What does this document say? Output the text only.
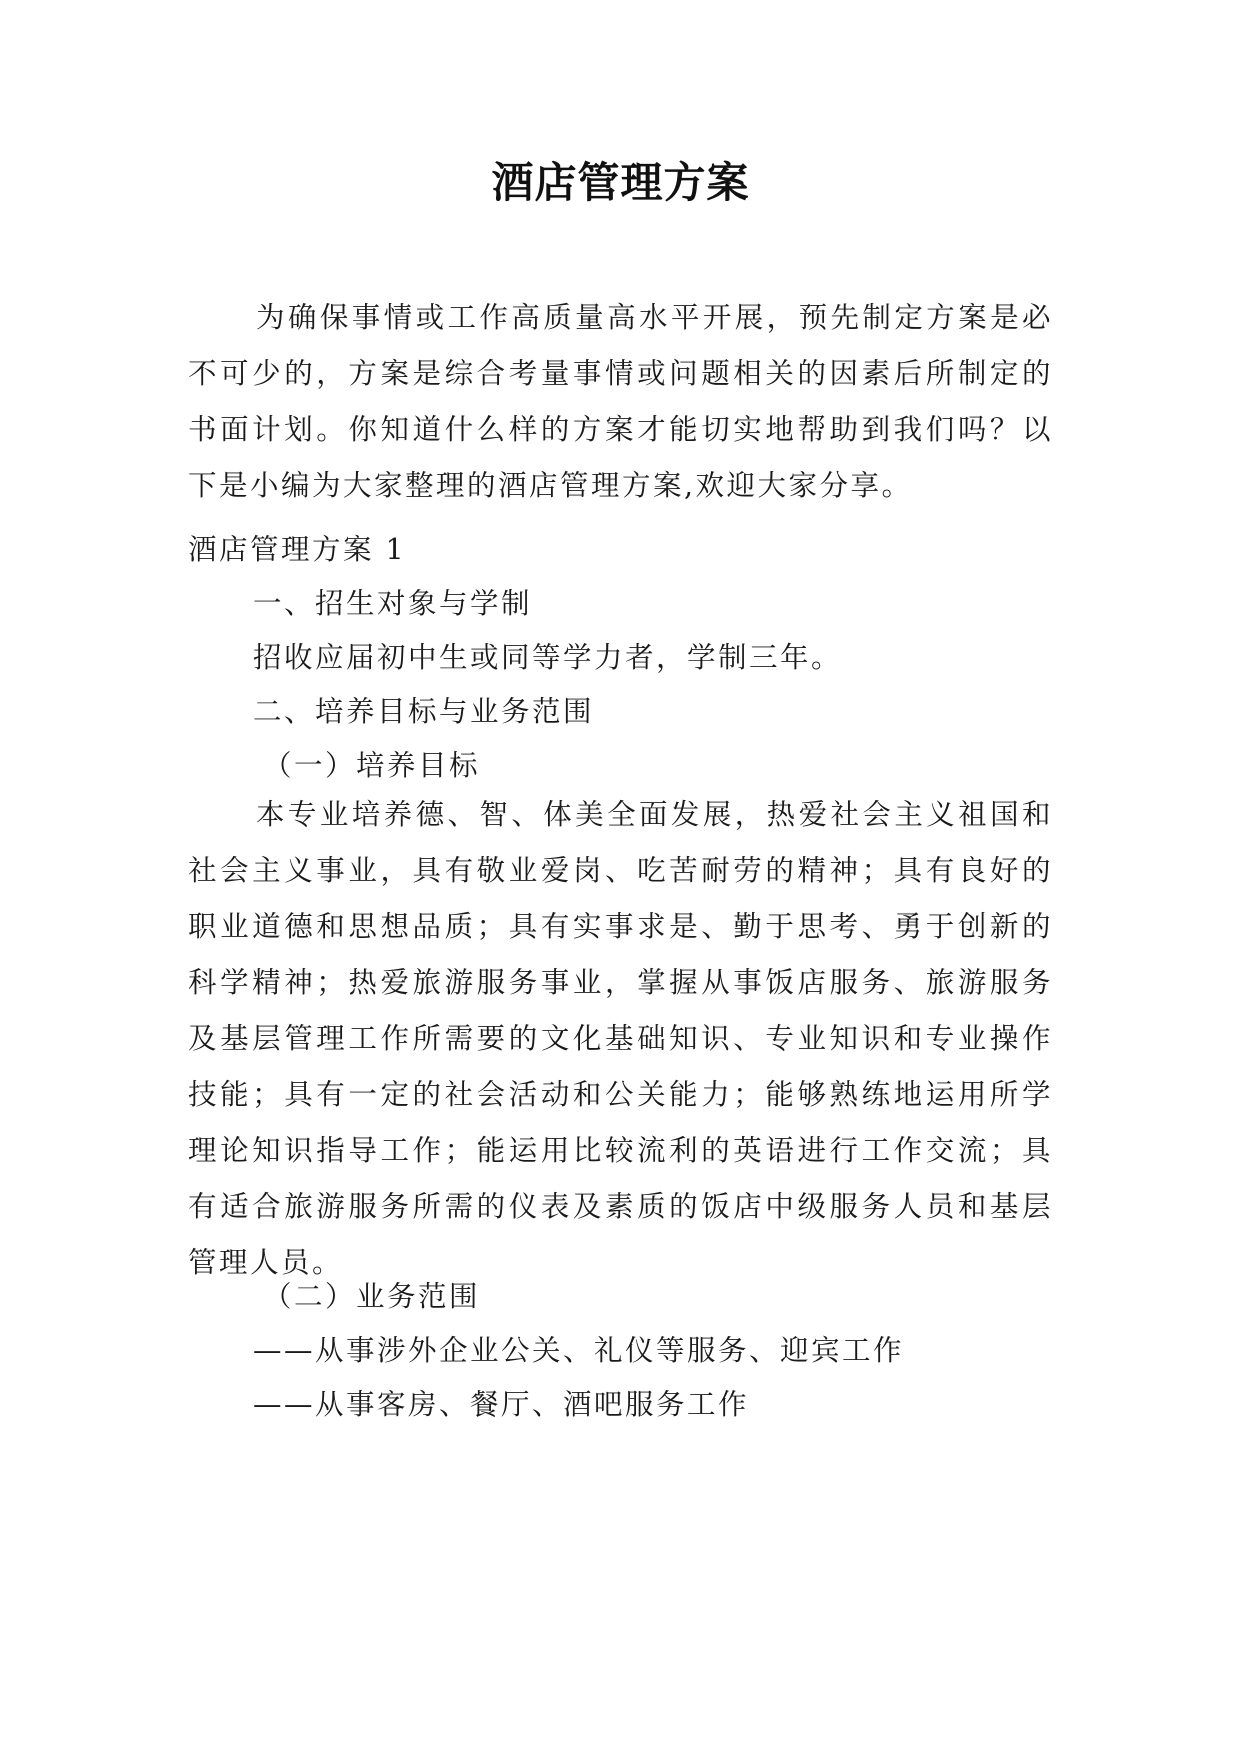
酒店管理方案

为确保事情或工作高质量高水平开展，预先制定方案是必不可少的，方案是综合考量事情或问题相关的因素后所制定的书面计划。你知道什么样的方案才能切实地帮助到我们吗？以下是小编为大家整理的酒店管理方案,欢迎大家分享。

酒店管理方案 1
一、招生对象与学制
招收应届初中生或同等学力者，学制三年。
二、培养目标与业务范围
（一）培养目标

本专业培养德、智、体美全面发展，热爱社会主义祖国和社会主义事业，具有敬业爱岗、吃苦耐劳的精神；具有良好的职业道德和思想品质；具有实事求是、勤于思考、勇于创新的科学精神；热爱旅游服务事业，掌握从事饭店服务、旅游服务及基层管理工作所需要的文化基础知识、专业知识和专业操作技能；具有一定的社会活动和公关能力；能够熟练地运用所学理论知识指导工作；能运用比较流利的英语进行工作交流；具有适合旅游服务所需的仪表及素质的饭店中级服务人员和基层管理人员。

（二）业务范围
——从事涉外企业公关、礼仪等服务、迎宾工作
——从事客房、餐厅、酒吧服务工作
